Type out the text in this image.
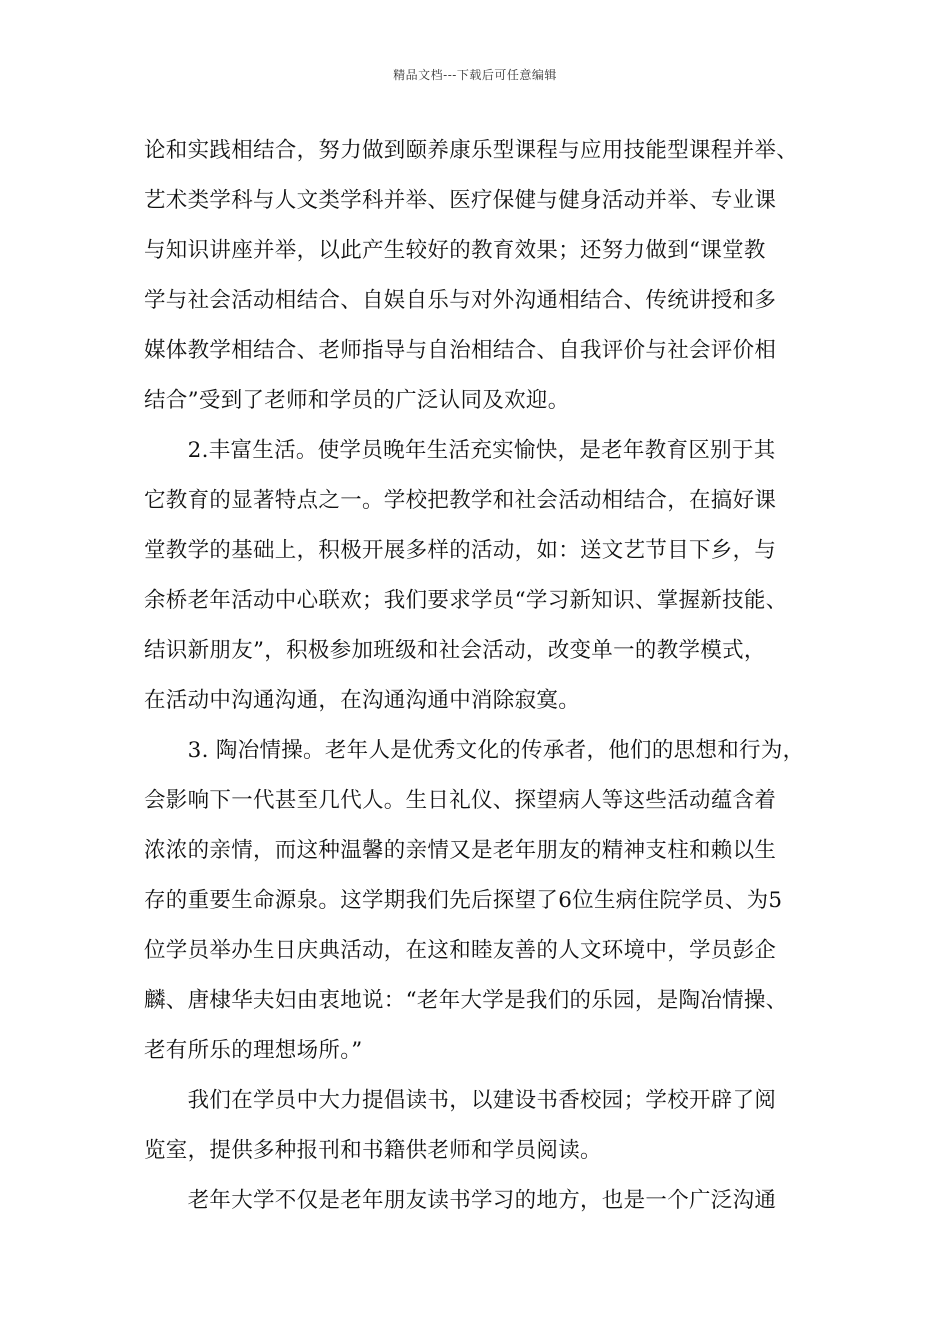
精品文档---下载后可任意编辑
论和实践相结合，努力做到颐养康乐型课程与应用技能型课程并举、
艺术类学科与人文类学科并举、医疗保健与健身活动并举、专业课
与知识讲座并举，以此产生较好的教育效果；还努力做到“课堂教
学与社会活动相结合、自娱自乐与对外沟通相结合、传统讲授和多
媒体教学相结合、老师指导与自治相结合、自我评价与社会评价相
结合”受到了老师和学员的广泛认同及欢迎。
　　2.丰富生活。使学员晚年生活充实愉快，是老年教育区别于其
它教育的显著特点之一。学校把教学和社会活动相结合，在搞好课
堂教学的基础上，积极开展多样的活动，如：送文艺节目下乡，与
余桥老年活动中心联欢；我们要求学员“学习新知识、掌握新技能、
结识新朋友”，积极参加班级和社会活动，改变单一的教学模式，
在活动中沟通沟通，在沟通沟通中消除寂寞。
　　3. 陶冶情操。老年人是优秀文化的传承者，他们的思想和行为，
会影响下一代甚至几代人。生日礼仪、探望病人等这些活动蕴含着
浓浓的亲情，而这种温馨的亲情又是老年朋友的精神支柱和赖以生
存的重要生命源泉。这学期我们先后探望了6位生病住院学员、为5
位学员举办生日庆典活动，在这和睦友善的人文环境中，学员彭企
麟、唐棣华夫妇由衷地说：“老年大学是我们的乐园，是陶冶情操、
老有所乐的理想场所。”
　　我们在学员中大力提倡读书，以建设书香校园；学校开辟了阅
览室，提供多种报刊和书籍供老师和学员阅读。
　　老年大学不仅是老年朋友读书学习的地方，也是一个广泛沟通
